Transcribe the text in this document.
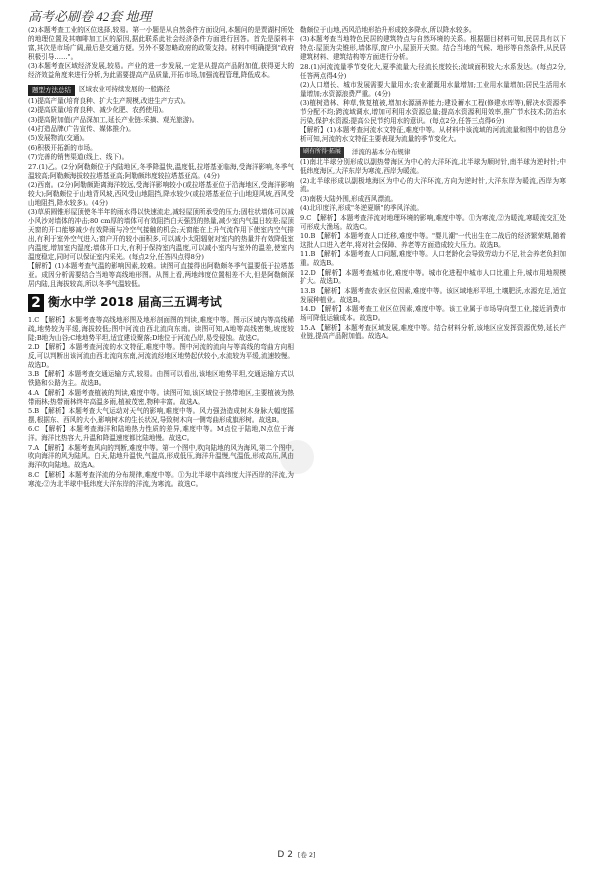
高考必刷卷 42套 地理

(2)本题考查工业的区位选择,较易。第一小题是从自然条件方面设问,本题问的是贾湖村所处的地理位置及其咖啡加工区的原因,据此联系此社会经济条件方面进行回答。首先是原料丰富,其次是市场广阔,最后是交通方便。另外不要忽略政府的政策支持。材料中明确提到"政府积极引导……"。

(3)本题考查区域经济发展,较易。产业的进一步发展,一定是从提高产品附加值,获得更大的经济效益角度来进行分析,为此需要提高产品质量,开拓市场,加强流程管理,降低成本。

题型方法总结	区域农业可持续发展的一般路径

(1)提高产量(培育良种、扩大生产规模,改进生产方式)。

(2)提高质量(培育良种、减少化肥、农药使用)。

(3)提高附加值(产品深加工,延长产业链:采摘、观光旅游)。

(4)打造品牌(广告宣传、媒体推介)。

(5)发展物流(交通)。

(6)积极开拓新的市场。

(7)完善的销售渠道(线上、线下)。

27.(1)乙。(2分)阿勒颇位于内陆地区,冬季降温快,温度低,拉塔基亚临海,受海洋影响,冬季气温较高;阿勒颇海拔较拉塔基亚高;阿勒颇纬度较拉塔基亚高。(4分)

(2)西南。(2分)阿勒颇距离海洋较远,受海洋影响较小(或拉塔基亚位于沿海地区,受海洋影响较大);阿勒颇位于山地背风坡,西风受山地阻挡,降水较少(或拉塔基亚位于山地迎风坡,西风受山地阻挡,降水较多)。(4分)

(3)草质圆锥形屋顶使冬半年的雨水得以快速流走,减轻屋顶所承受的压力;固柱状墙体可以减小风沙对墙体的冲击;80 cm厚的墙体可有效阻挡白天强烈的热量,减少室内气温日较差;屋顶天窗的开口能够减少有效降雨与冷空气接触的机会;天窗能在上升气流作用下使室内空气排出,有利于室外空气进入;窗户开的较小面积多,可以减小太阳辐射对室内的热量并有效降低室内温度,增加室内湿度;墙体开口大,有利于保持室内温度,可以减小室内与室外的温差,使室内温度稳定,同时可以保证室内采光。(每点2分,任答四点得8分)

【解析】(1)本题考查气温的影响因素,较难。读图可直接得出阿勒颇冬季气温要低于拉塔基亚。成因分析需要结合当地等高线地形图。从图上看,两地纬度位置相差不大,但是阿勒颇深居内陆,且海拔较高,所以冬季气温较低。

2 衡水中学 2018 届高三五调考试

1.C 【解析】本题考查等高线地形图及地形剖面图的判读,难度中等。图示区域内等高线稀疏,地势较为平缓,海拔较低;图中河流由西北流向东南。读图可知,A地等高线密集,坡度较陡;B地为山谷;C地地势平坦,适宜建设聚落;D地位于河流凸岸,易受侵蚀。故选C。

2.D 【解析】本题考查河流的水文特征,难度中等。图中河流的流向与等高线的弯曲方向相反,可以判断出该河流由西北流向东南,河流流经地区地势起伏较小,水流较为平缓,流速较慢。故选D。

3.B 【解析】本题考查交通运输方式,较易。由图可以看出,该地区地势平坦,交通运输方式以铁路和公路为主。故选B。

4.A 【解析】本题考查植被的判读,难度中等。读图可知,该区域位于热带地区,主要植被为热带雨林;热带雨林终年高温多雨,植被茂密,物种丰富。故选A。

5.B 【解析】本题考查大气运动对天气的影响,难度中等。风力强劲造成树木身脉大幅度摇摆,根据东、西风的大小,影响树木的生长状况,导致树木向一侧弯曲形成旗形树。故选B。

6.C 【解析】本题考查海洋和陆地热力性质的差异,难度中等。M点位于陆地,N点位于海洋。海洋比热容大,升温和降温速度都比陆地慢。故选C。

7.A 【解析】本题考查风向的判断,难度中等。第一个图中,吹向陆地的风为海风,第二个图中,吹向海洋的风为陆风。白天,陆地升温快,气温高,形成低压,海洋升温慢,气温低,形成高压,风由海洋吹向陆地。故选A。

8.C 【解析】本题考查洋流的分布规律,难度中等。①为北半球中高纬度大洋西岸的洋流,为寒流;②为北半球中低纬度大洋东岸的洋流,为寒流。故选C。

勒颇位于山地,西风沿地形抬升形成较多降水,所以降水较多。

(3)本题考查当地特色民居的建筑特点与自然环境的关系。根据题目材料可知,民居具有以下特点:屋顶为尖锥形,墙体厚,窗户小,屋顶开天窗。结合当地的气候、地形等自然条件,从民居建筑材料、建筑结构等方面进行分析。

28.(1)河流流量季节变化大,夏季流量大;径流长度较长;流域面积较大;水系发达。(每点2分,任答两点得4分)

(2)人口增长、城市发展需要大量用水;农业灌溉用水量增加;工业用水量增加;居民生活用水量增加;水资源浪费严重。(4分)

(3)植树造林、种草,恢复植被,增加水源涵养能力;建设蓄水工程(修建水库等),解决水资源季节分配不均;跨流域调水,增加可利用水资源总量;提高水资源利用效率,推广节水技术;防治水污染,保护水资源;提高公民节约用水的意识。(每点2分,任答三点得6分)

【解析】(1)本题考查河流水文特征,难度中等。从材料中该流域的河流流量和图中的信息分析可知,河流的水文特征主要表现为流量的季节变化大。

刷有所得·拓展	洋流的基本分布规律

(1)南北半球分别形成以副热带海区为中心的大洋环流,北半球为顺时针,南半球为逆时针;中低纬度海区,大洋东岸为寒流,西岸为暖流。

(2)北半球形成以副极地海区为中心的大洋环流,方向为逆时针,大洋东岸为暖流,西岸为寒流。

(3)南极大陆外围,形成西风漂流。

(4)北印度洋,形成"冬逆夏顺"的季风洋流。

9.C 【解析】本题考查洋流对地理环境的影响,难度中等。①为寒流,②为暖流,寒暖流交汇处可形成大渔场。故选C。

10.B 【解析】本题考查人口迁移,难度中等。"婴儿潮"一代出生在二战后的经济繁荣期,随着这批人口进入老年,将对社会保障、养老等方面造成较大压力。故选B。

11.B 【解析】本题考查人口问题,难度中等。人口老龄化会导致劳动力不足,社会养老负担加重。故选B。

12.D 【解析】本题考查城市化,难度中等。城市化进程中城市人口比重上升,城市用地规模扩大。故选D。

13.B 【解析】本题考查农业区位因素,难度中等。该区域地形平坦,土壤肥沃,水源充足,适宜发展种植业。故选B。

14.D 【解析】本题考查工业区位因素,难度中等。该工业属于市场导向型工业,接近消费市场可降低运输成本。故选D。

15.A 【解析】本题考查区域发展,难度中等。结合材料分析,该地区应发挥资源优势,延长产业链,提高产品附加值。故选A。

D 2 [卷 2]
